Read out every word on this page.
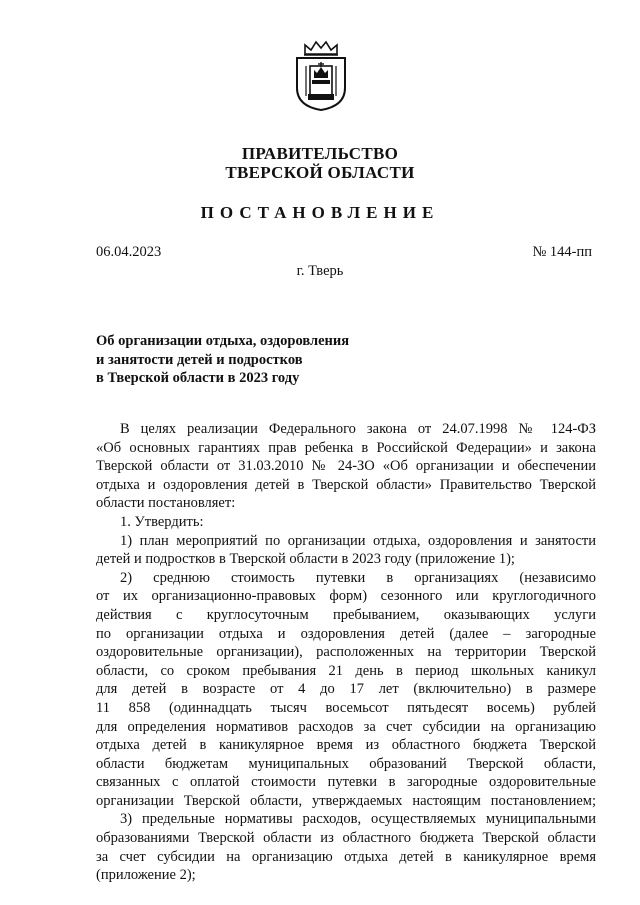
ПРАВИТЕЛЬСТВО
ТВЕРСКОЙ ОБЛАСТИ
ПОСТАНОВЛЕНИЕ
06.04.2023	№ 144-пп
г. Тверь
Об организации отдыха, оздоровления
и занятости детей и подростков
в Тверской области в 2023 году
В целях реализации Федерального закона от 24.07.1998 № 124-ФЗ
«Об основных гарантиях прав ребенка в Российской Федерации» и закона
Тверской области от 31.03.2010 № 24-ЗО «Об организации и обеспечении
отдыха и оздоровления детей в Тверской области» Правительство Тверской
области постановляет:
1. Утвердить:
1) план мероприятий по организации отдыха, оздоровления и занятости
детей и подростков в Тверской области в 2023 году (приложение 1);
2) среднюю стоимость путевки в организациях (независимо
от их организационно-правовых форм) сезонного или круглогодичного
действия с круглосуточным пребыванием, оказывающих услуги
по организации отдыха и оздоровления детей (далее – загородные
оздоровительные организации), расположенных на территории Тверской
области, со сроком пребывания 21 день в период школьных каникул
для детей в возрасте от 4 до 17 лет (включительно) в размере
11 858 (одиннадцать тысяч восемьсот пятьдесят восемь) рублей
для определения нормативов расходов за счет субсидии на организацию
отдыха детей в каникулярное время из областного бюджета Тверской
области бюджетам муниципальных образований Тверской области,
связанных с оплатой стоимости путевки в загородные оздоровительные
организации Тверской области, утверждаемых настоящим постановлением;
3) предельные нормативы расходов, осуществляемых муниципальными
образованиями Тверской области из областного бюджета Тверской области
за счет субсидии на организацию отдыха детей в каникулярное время
(приложение 2);
